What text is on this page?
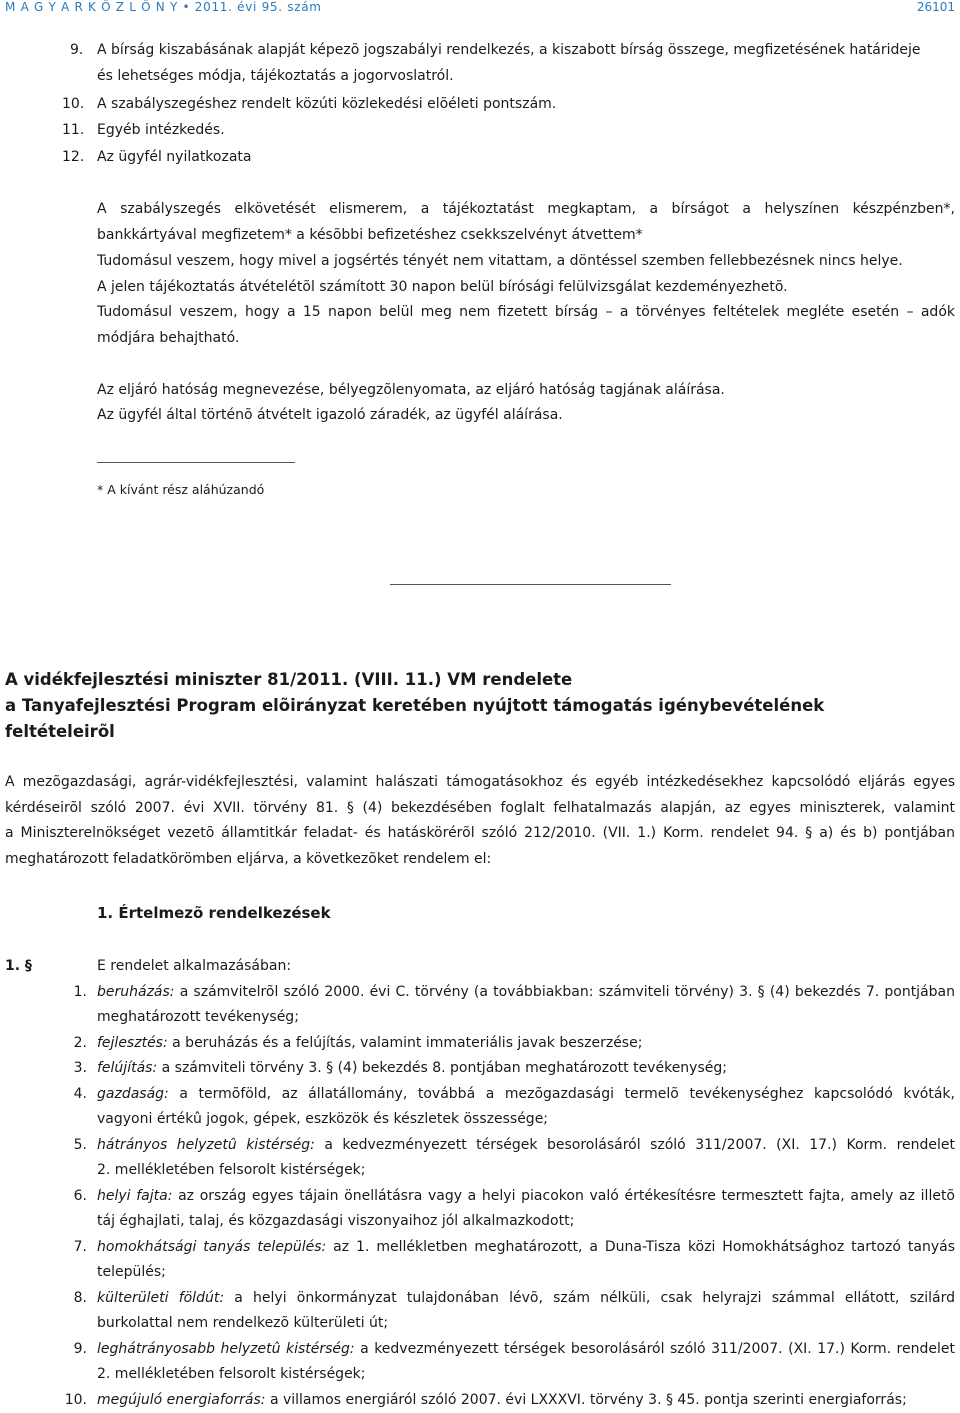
M A G Y A R K Ö Z L Ö N Y • 2011. évi 95. szám	26101
9. A bírság kiszabásának alapját képezõ jogszabályi rendelkezés, a kiszabott bírság összege, megfizetésének határideje
és lehetséges módja, tájékoztatás a jogorvoslatról.
10. A szabályszegéshez rendelt közúti közlekedési elõéleti pontszám.
11. Egyéb intézkedés.
12. Az ügyfél nyilatkozata
A szabályszegés elkövetését elismerem, a tájékoztatást megkaptam, a bírságot a helyszínen készpénzben*,
bankkártyával megfizetem* a késõbbi befizetéshez csekkszelvényt átvettem*
Tudomásul veszem, hogy mivel a jogsértés tényét nem vitattam, a döntéssel szemben fellebbezésnek nincs helye.
A jelen tájékoztatás átvételétõl számított 30 napon belül bírósági felülvizsgálat kezdeményezhetõ.
Tudomásul veszem, hogy a 15 napon belül meg nem fizetett bírság – a törvényes feltételek megléte esetén – adók
módjára behajtható.
Az eljáró hatóság megnevezése, bélyegzõlenyomata, az eljáró hatóság tagjának aláírása.
Az ügyfél által történõ átvételt igazoló záradék, az ügyfél aláírása.
* A kívánt rész aláhúzandó
A vidékfejlesztési miniszter 81/2011. (VIII. 11.) VM rendelete
a Tanyafejlesztési Program elõirányzat keretében nyújtott támogatás igénybevételének
feltételeirõl
A mezõgazdasági, agrár-vidékfejlesztési, valamint halászati támogatásokhoz és egyéb intézkedésekhez kapcsolódó eljárás egyes
kérdéseirõl szóló 2007. évi XVII. törvény 81. § (4) bekezdésében foglalt felhatalmazás alapján, az egyes miniszterek, valamint
a Miniszterelnökséget vezetõ államtitkár feladat- és hatáskörérõl szóló 212/2010. (VII. 1.) Korm. rendelet 94. § a) és b) pontjában
meghatározott feladatkörömben eljárva, a következõket rendelem el:
1. Értelmezõ rendelkezések
1. §	E rendelet alkalmazásában:
1. beruházás: a számvitelrõl szóló 2000. évi C. törvény (a továbbiakban: számviteli törvény) 3. § (4) bekezdés 7. pontjában
meghatározott tevékenység;
2. fejlesztés: a beruházás és a felújítás, valamint immateriális javak beszerzése;
3. felújítás: a számviteli törvény 3. § (4) bekezdés 8. pontjában meghatározott tevékenység;
4. gazdaság: a termõföld, az állatállomány, továbbá a mezõgazdasági termelõ tevékenységhez kapcsolódó kvóták,
vagyoni értékû jogok, gépek, eszközök és készletek összessége;
5. hátrányos helyzetû kistérség: a kedvezményezett térségek besorolásáról szóló 311/2007. (XI. 17.) Korm. rendelet
2. mellékletében felsorolt kistérségek;
6. helyi fajta: az ország egyes tájain önellátásra vagy a helyi piacokon való értékesítésre termesztett fajta, amely az illetõ
táj éghajlati, talaj, és közgazdasági viszonyaihoz jól alkalmazkodott;
7. homokhátsági tanyás település: az 1. mellékletben meghatározott, a Duna-Tisza közi Homokhátsághoz tartozó tanyás
település;
8. külterületi földút: a helyi önkormányzat tulajdonában lévõ, szám nélküli, csak helyrajzi számmal ellátott, szilárd
burkolattal nem rendelkezõ külterületi út;
9. leghátrányosabb helyzetû kistérség: a kedvezményezett térségek besorolásáról szóló 311/2007. (XI. 17.) Korm. rendelet
2. mellékletében felsorolt kistérségek;
10. megújuló energiaforrás: a villamos energiáról szóló 2007. évi LXXXVI. törvény 3. § 45. pontja szerinti energiaforrás;
